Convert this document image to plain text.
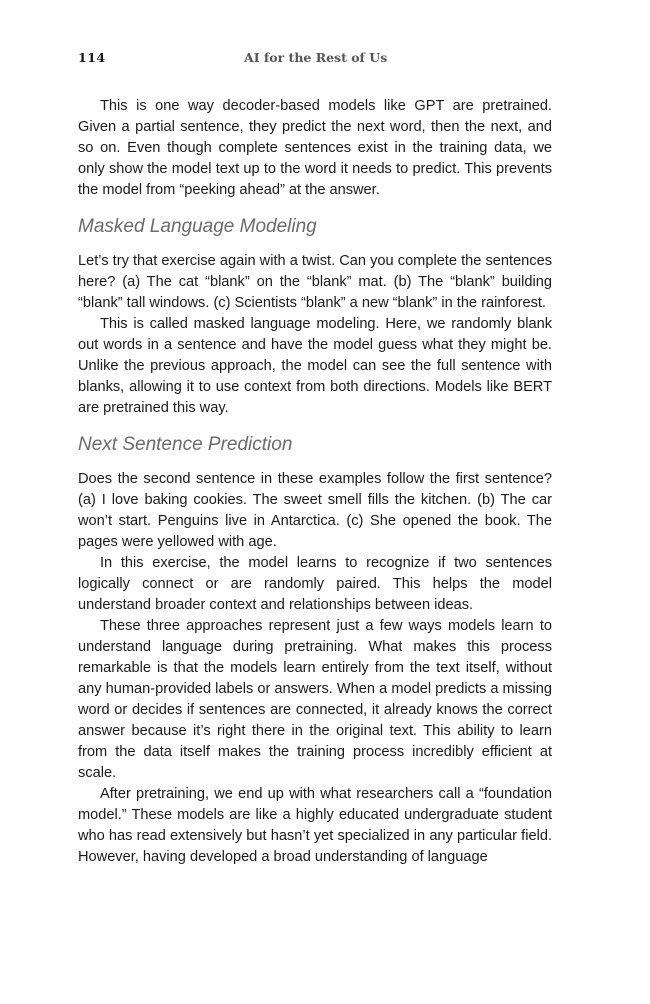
114	AI for the Rest of Us

This is one way decoder-based models like GPT are pretrained. Given a partial sentence, they predict the next word, then the next, and so on. Even though complete sentences exist in the training data, we only show the model text up to the word it needs to predict. This prevents the model from “peeking ahead” at the answer.

Masked Language Modeling

Let’s try that exercise again with a twist. Can you complete the sentences here? (a) The cat “blank” on the “blank” mat. (b) The “blank” building “blank” tall windows. (c) Scientists “blank” a new “blank” in the rainforest.

This is called masked language modeling. Here, we randomly blank out words in a sentence and have the model guess what they might be. Unlike the previous approach, the model can see the full sentence with blanks, allowing it to use context from both directions. Models like BERT are pretrained this way.

Next Sentence Prediction

Does the second sentence in these examples follow the first sentence? (a) I love baking cookies. The sweet smell fills the kitchen. (b) The car won’t start. Penguins live in Antarctica. (c) She opened the book. The pages were yellowed with age.

In this exercise, the model learns to recognize if two sentences logically connect or are randomly paired. This helps the model understand broader context and relationships between ideas.

These three approaches represent just a few ways models learn to understand language during pretraining. What makes this process remarkable is that the models learn entirely from the text itself, without any human-provided labels or answers. When a model predicts a missing word or decides if sentences are connected, it already knows the correct answer because it’s right there in the original text. This ability to learn from the data itself makes the training process incredibly efficient at scale.

After pretraining, we end up with what researchers call a “foundation model.” These models are like a highly educated undergraduate student who has read extensively but hasn’t yet specialized in any particular field. However, having developed a broad understanding of language
